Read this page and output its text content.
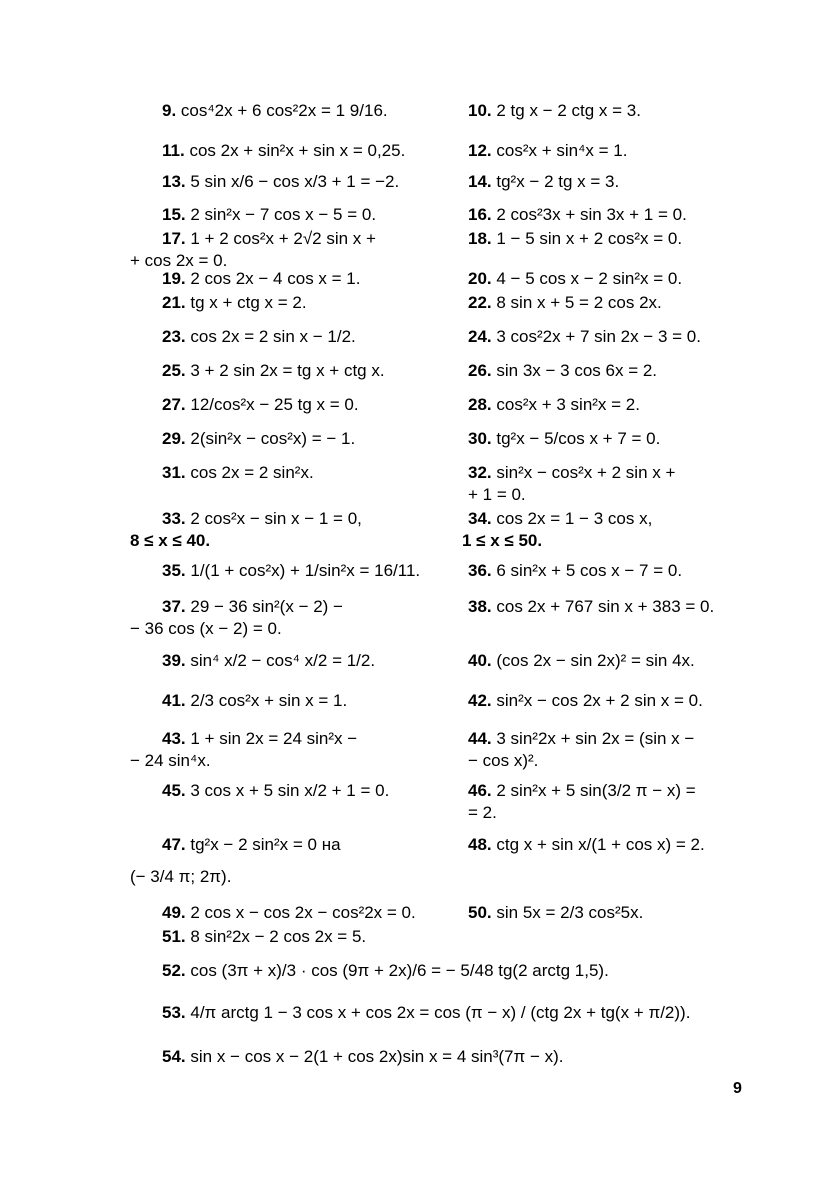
9. cos⁴2x + 6 cos²2x = 1 9/16.	10. 2 tg x − 2 ctg x = 3.
11. cos 2x + sin²x + sin x = 0,25.	12. cos²x + sin⁴x = 1.
13. 5 sin x/6 − cos x/3 + 1 = −2.	14. tg²x − 2 tg x = 3.
15. 2 sin²x − 7 cos x − 5 = 0.	16. 2 cos²3x + sin 3x + 1 = 0.
17. 1 + 2 cos²x + 2√2 sin x +
+ cos 2x = 0.
18. 1 − 5 sin x + 2 cos²x = 0.
19. 2 cos 2x − 4 cos x = 1.	20. 4 − 5 cos x − 2 sin²x = 0.
21. tg x + ctg x = 2.	22. 8 sin x + 5 = 2 cos 2x.
23. cos 2x = 2 sin x − 1/2.	24. 3 cos²2x + 7 sin 2x − 3 = 0.
25. 3 + 2 sin 2x = tg x + ctg x.	26. sin 3x − 3 cos 6x = 2.
27. 12/cos²x − 25 tg x = 0.	28. cos²x + 3 sin²x = 2.
29. 2(sin²x − cos²x) = − 1.	30. tg²x − 5/cos x + 7 = 0.
31. cos 2x = 2 sin²x.	32. sin²x − cos²x + 2 sin x +
+ 1 = 0.
33. 2 cos²x − sin x − 1 = 0,
8 ≤ x ≤ 40.
34. cos 2x = 1 − 3 cos x,
1 ≤ x ≤ 50.
35. 1/(1 + cos²x) + 1/sin²x = 16/11.	36. 6 sin²x + 5 cos x − 7 = 0.
37. 29 − 36 sin²(x − 2) −
− 36 cos (x − 2) = 0.
38. cos 2x + 767 sin x + 383 = 0.
39. sin⁴ x/2 − cos⁴ x/2 = 1/2.	40. (cos 2x − sin 2x)² = sin 4x.
41. 2/3 cos²x + sin x = 1.	42. sin²x − cos 2x + 2 sin x = 0.
43. 1 + sin 2x = 24 sin²x −
− 24 sin⁴x.
44. 3 sin²2x + sin 2x = (sin x −
− cos x)².
45. 3 cos x + 5 sin x/2 + 1 = 0.	46. 2 sin²x + 5 sin(3/2 π − x) =
= 2.
47. tg²x − 2 sin²x = 0 на
(− 3/4 π; 2π).
48. ctg x + sin x/(1 + cos x) = 2.
49. 2 cos x − cos 2x − cos²2x = 0.	50. sin 5x = 2/3 cos²5x.
51. 8 sin²2x − 2 cos 2x = 5.
52. cos (3π + x)/3 · cos (9π + 2x)/6 = − 5/48 tg(2 arctg 1,5).
53. 4/π arctg 1 − 3 cos x + cos 2x = cos (π − x) / (ctg 2x + tg(x + π/2)).
54. sin x − cos x − 2(1 + cos 2x)sin x = 4 sin³(7π − x).
9
